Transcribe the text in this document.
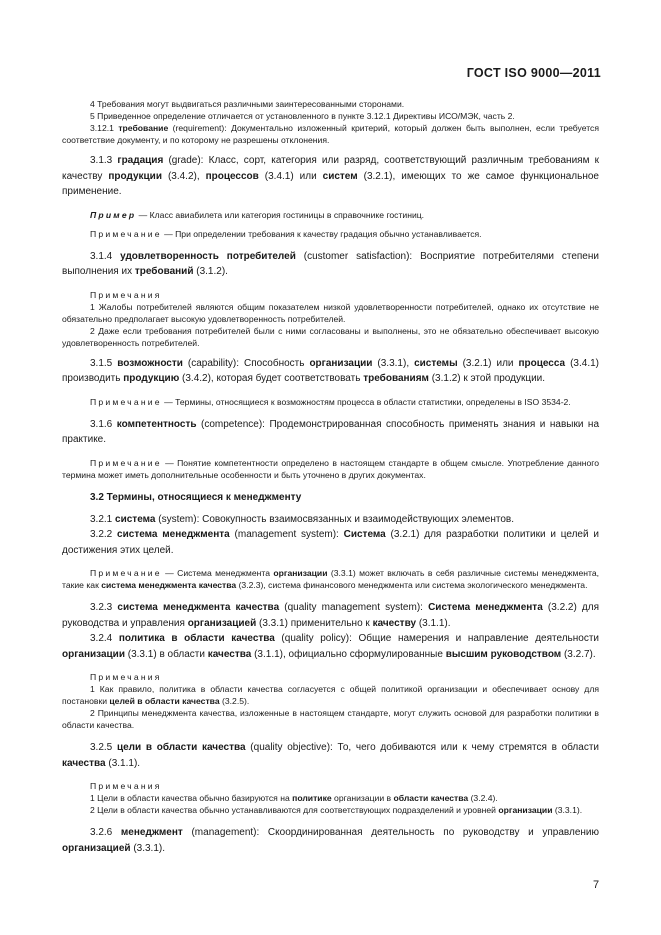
ГОСТ ISO 9000—2011

4 Требования могут выдвигаться различными заинтересованными сторонами.

5 Приведенное определение отличается от установленного в пункте 3.12.1 Директивы ИСО/МЭК, часть 2.

3.12.1 требование (requirement): Документально изложенный критерий, который должен быть выполнен, если требуется соответствие документу, и по которому не разрешены отклонения.

3.1.3 градация (grade): Класс, сорт, категория или разряд, соответствующий различным требованиям к качеству продукции (3.4.2), процессов (3.4.1) или систем (3.2.1), имеющих то же самое функциональное применение.

Пример — Класс авиабилета или категория гостиницы в справочнике гостиниц.

Примечание — При определении требования к качеству градация обычно устанавливается.

3.1.4 удовлетворенность потребителей (customer satisfaction): Восприятие потребителями степени выполнения их требований (3.1.2).

Примечания

1 Жалобы потребителей являются общим показателем низкой удовлетворенности потребителей, однако их отсутствие не обязательно предполагает высокую удовлетворенность потребителей.

2 Даже если требования потребителей были с ними согласованы и выполнены, это не обязательно обеспечивает высокую удовлетворенность потребителей.

3.1.5 возможности (capability): Способность организации (3.3.1), системы (3.2.1) или процесса (3.4.1) производить продукцию (3.4.2), которая будет соответствовать требованиям (3.1.2) к этой продукции.

Примечание — Термины, относящиеся к возможностям процесса в области статистики, определены в ISO 3534-2.

3.1.6 компетентность (competence): Продемонстрированная способность применять знания и навыки на практике.

Примечание — Понятие компетентности определено в настоящем стандарте в общем смысле. Употребление данного термина может иметь дополнительные особенности и быть уточнено в других документах.

3.2 Термины, относящиеся к менеджменту

3.2.1 система (system): Совокупность взаимосвязанных и взаимодействующих элементов.

3.2.2 система менеджмента (management system): Система (3.2.1) для разработки политики и целей и достижения этих целей.

Примечание — Система менеджмента организации (3.3.1) может включать в себя различные системы менеджмента, такие как система менеджмента качества (3.2.3), система финансового менеджмента или система экологического менеджмента.

3.2.3 система менеджмента качества (quality management system): Система менеджмента (3.2.2) для руководства и управления организацией (3.3.1) применительно к качеству (3.1.1).

3.2.4 политика в области качества (quality policy): Общие намерения и направление деятельности организации (3.3.1) в области качества (3.1.1), официально сформулированные высшим руководством (3.2.7).

Примечания

1 Как правило, политика в области качества согласуется с общей политикой организации и обеспечивает основу для постановки целей в области качества (3.2.5).

2 Принципы менеджмента качества, изложенные в настоящем стандарте, могут служить основой для разработки политики в области качества.

3.2.5 цели в области качества (quality objective): То, чего добиваются или к чему стремятся в области качества (3.1.1).

Примечания

1 Цели в области качества обычно базируются на политике организации в области качества (3.2.4).

2 Цели в области качества обычно устанавливаются для соответствующих подразделений и уровней организации (3.3.1).

3.2.6 менеджмент (management): Скоординированная деятельность по руководству и управлению организацией (3.3.1).

7
